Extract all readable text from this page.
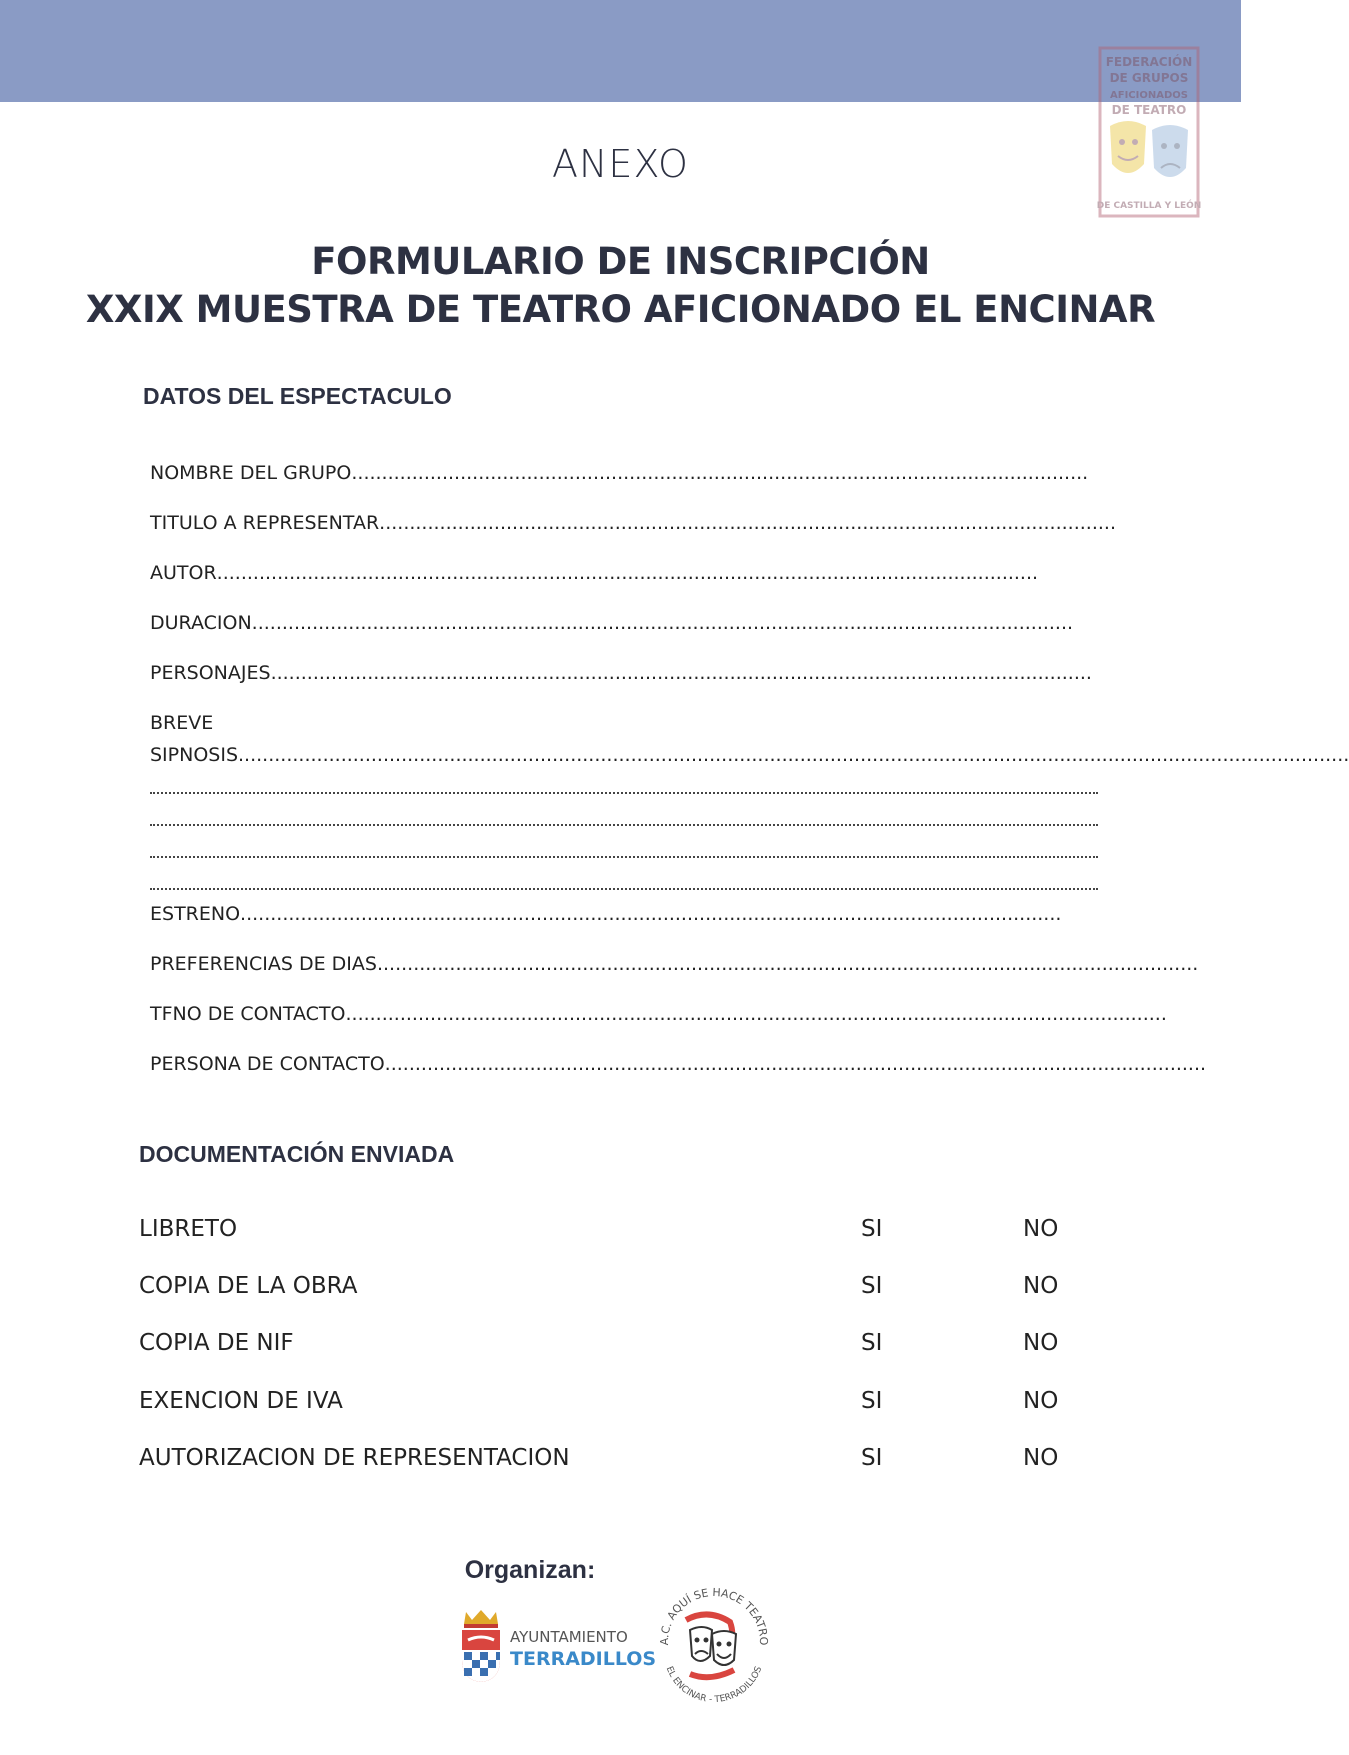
FEDERACIÓN
DE GRUPOS
AFICIONADOS
DE TEATRO
DE CASTILLA Y LEÓN
ANEXO
FORMULARIO DE INSCRIPCIÓN
XXIX MUESTRA DE TEATRO AFICIONADO EL ENCINAR
DATOS DEL ESPECTACULO
NOMBRE DEL GRUPO..........................................................................................................................
TITULO A REPRESENTAR..........................................................................................................................
AUTOR........................................................................................................................................
DURACION........................................................................................................................................
PERSONAJES........................................................................................................................................
BREVE
SIPNOSIS........................................................................................................................................................................................
ESTRENO........................................................................................................................................
PREFERENCIAS DE DIAS........................................................................................................................................
TFNO DE CONTACTO........................................................................................................................................
PERSONA DE CONTACTO........................................................................................................................................
DOCUMENTACIÓN ENVIADA
LIBRETO	SI	NO
COPIA DE LA OBRA	SI	NO
COPIA DE NIF	SI	NO
EXENCION DE IVA	SI	NO
AUTORIZACION DE REPRESENTACION	SI	NO
Organizan:
AYUNTAMIENTO
TERRADILLOS
A.C. AQUÍ SE HACE TEATRO
EL ENCINAR - TERRADILLOS
